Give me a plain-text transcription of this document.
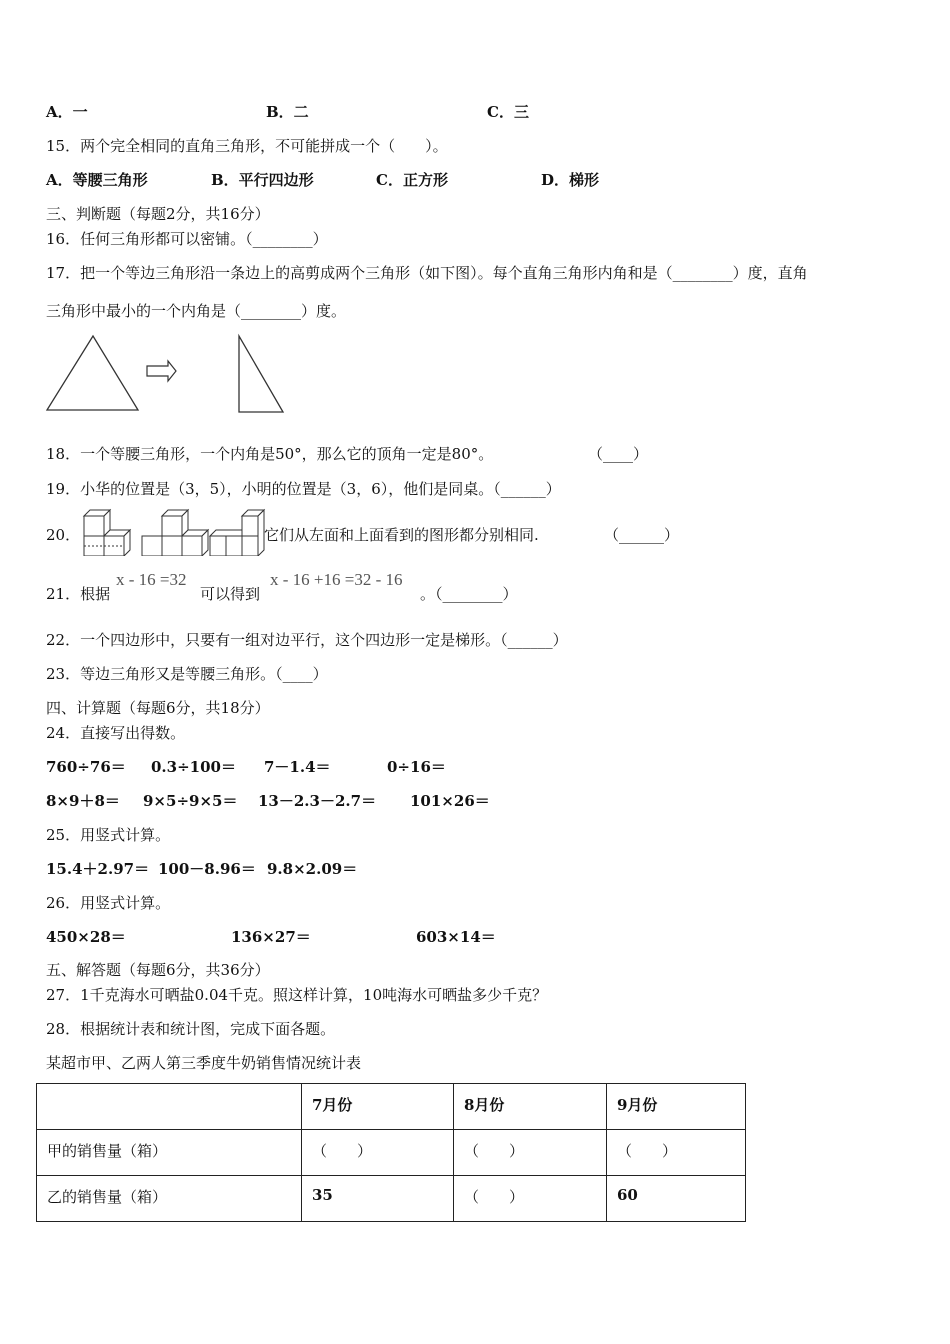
A．一	B．二	C．三
15．两个完全相同的直角三角形，不可能拼成一个（　　）。
A．等腰三角形	B．平行四边形	C．正方形	D．梯形
三、判断题（每题2分，共16分）
16．任何三角形都可以密铺。（________）
17．把一个等边三角形沿一条边上的高剪成两个三角形（如下图）。每个直角三角形内角和是（________）度，直角
三角形中最小的一个内角是（________）度。
18．一个等腰三角形，一个内角是50°，那么它的顶角一定是80°。	（____）
19．小华的位置是（3，5），小明的位置是（3，6），他们是同桌。（______）
20．	它们从左面和上面看到的图形都分别相同.	（______）
21．根据
x - 16 =32
可以得到
x - 16 +16 =32 - 16
。（________）
22．一个四边形中，只要有一组对边平行，这个四边形一定是梯形。（______）
23．等边三角形又是等腰三角形。（____）
四、计算题（每题6分，共18分）
24．直接写出得数。
760÷76＝ 0.3÷100＝ 7－1.4＝	0÷16＝
8×9＋8＝ 9×5÷9×5＝ 13－2.3－2.7＝ 101×26＝
25．用竖式计算。
15.4＋2.97＝ 100－8.96＝ 9.8×2.09＝
26．用竖式计算。
450×28＝	136×27＝	603×14＝
五、解答题（每题6分，共36分）
27．1千克海水可晒盐0.04千克。照这样计算，10吨海水可晒盐多少千克？
28．根据统计表和统计图，完成下面各题。
某超市甲、乙两人第三季度牛奶销售情况统计表
	7月份	8月份	9月份
甲的销售量（箱）	（　　）	（　　）	（　　）
乙的销售量（箱）	35	（　　）	60
